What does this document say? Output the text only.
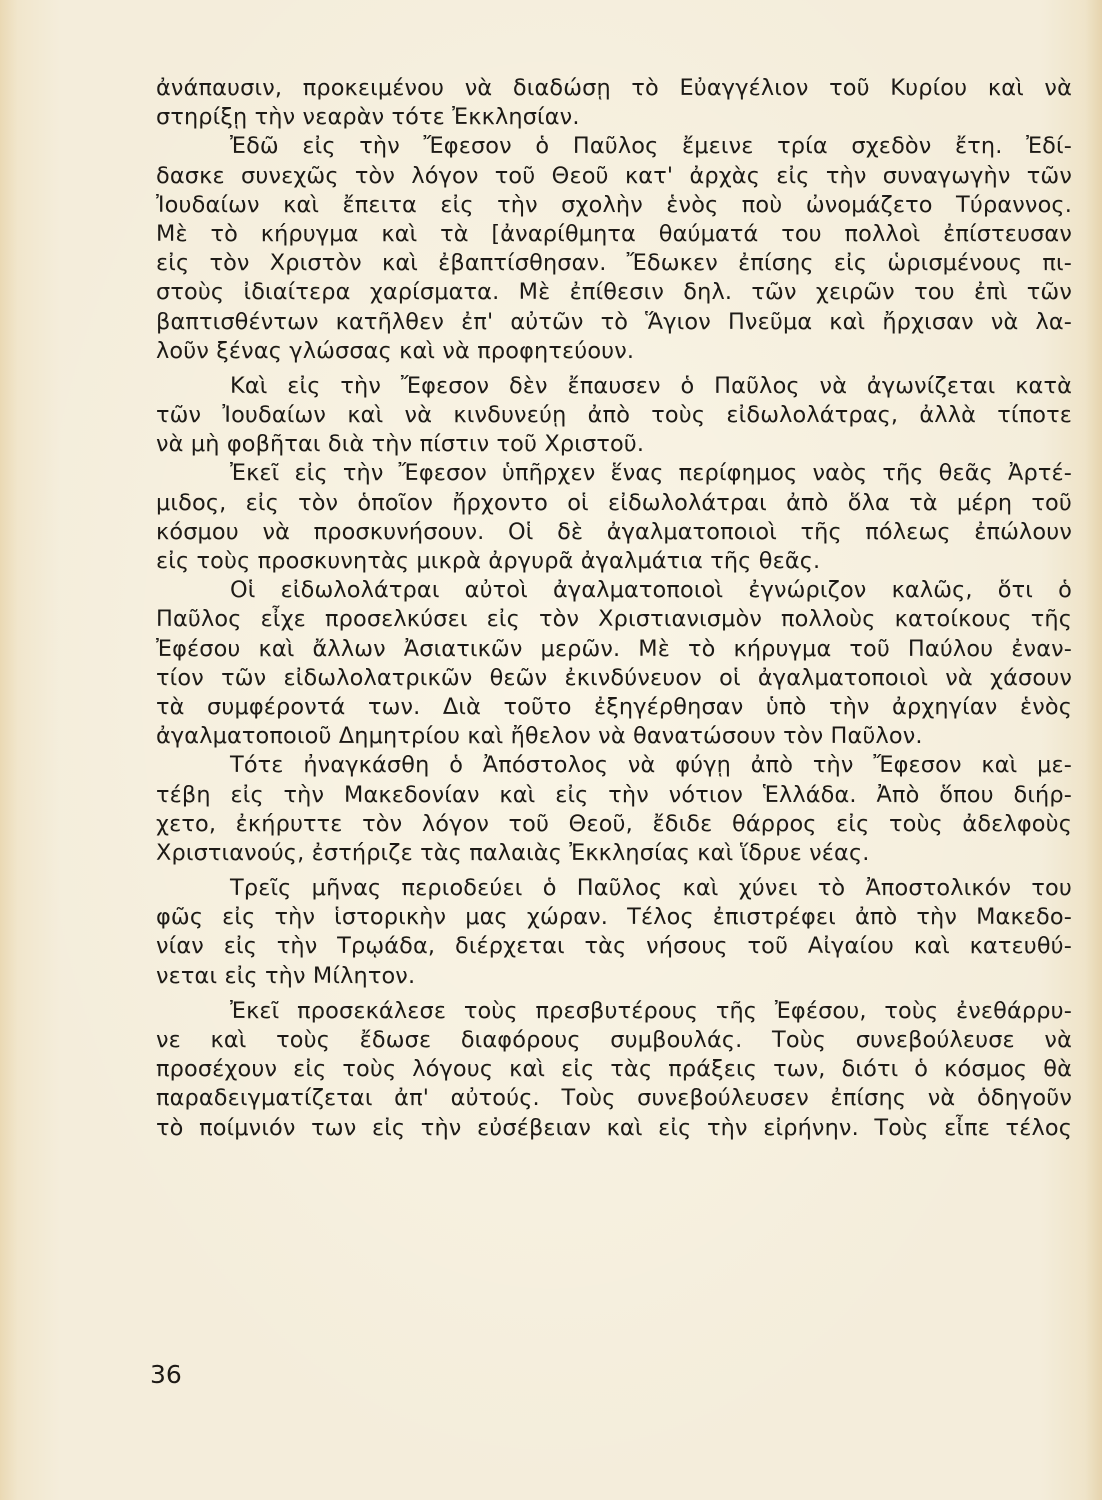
ἀνάπαυσιν, προκειμένου νὰ διαδώσῃ τὸ Εὐαγγέλιον τοῦ Κυρίου καὶ νὰ
στηρίξῃ τὴν νεαρὰν τότε Ἐκκλησίαν.
Ἐδῶ εἰς τὴν Ἔφεσον ὁ Παῦλος ἔμεινε τρία σχεδὸν ἔτη. Ἐδί-
δασκε συνεχῶς τὸν λόγον τοῦ Θεοῦ κατ' ἀρχὰς εἰς τὴν συναγωγὴν τῶν
Ἰουδαίων καὶ ἔπειτα εἰς τὴν σχολὴν ἑνὸς ποὺ ὠνομάζετο Τύραννος.
Μὲ τὸ κήρυγμα καὶ τὰ [ἀναρίθμητα θαύματά του πολλοὶ ἐπίστευσαν
εἰς τὸν Χριστὸν καὶ ἐβαπτίσθησαν. Ἔδωκεν ἐπίσης εἰς ὡρισμένους πι-
στοὺς ἰδιαίτερα χαρίσματα. Μὲ ἐπίθεσιν δηλ. τῶν χειρῶν του ἐπὶ τῶν
βαπτισθέντων κατῆλθεν ἐπ' αὐτῶν τὸ Ἅγιον Πνεῦμα καὶ ἤρχισαν νὰ λα-
λοῦν ξένας γλώσσας καὶ νὰ προφητεύουν.
Καὶ εἰς τὴν Ἔφεσον δὲν ἔπαυσεν ὁ Παῦλος νὰ ἀγωνίζεται κατὰ
τῶν Ἰουδαίων καὶ νὰ κινδυνεύῃ ἀπὸ τοὺς εἰδωλολάτρας, ἀλλὰ τίποτε
νὰ μὴ φοβῆται διὰ τὴν πίστιν τοῦ Χριστοῦ.
Ἐκεῖ εἰς τὴν Ἔφεσον ὑπῆρχεν ἕνας περίφημος ναὸς τῆς θεᾶς Ἀρτέ-
μιδος, εἰς τὸν ὁποῖον ἤρχοντο οἱ εἰδωλολάτραι ἀπὸ ὅλα τὰ μέρη τοῦ
κόσμου νὰ προσκυνήσουν. Οἱ δὲ ἀγαλματοποιοὶ τῆς πόλεως ἐπώλουν
εἰς τοὺς προσκυνητὰς μικρὰ ἀργυρᾶ ἀγαλμάτια τῆς θεᾶς.
Οἱ εἰδωλολάτραι αὐτοὶ ἀγαλματοποιοὶ ἐγνώριζον καλῶς, ὅτι ὁ
Παῦλος εἶχε προσελκύσει εἰς τὸν Χριστιανισμὸν πολλοὺς κατοίκους τῆς
Ἐφέσου καὶ ἄλλων Ἀσιατικῶν μερῶν. Μὲ τὸ κήρυγμα τοῦ Παύλου ἐναν-
τίον τῶν εἰδωλολατρικῶν θεῶν ἐκινδύνευον οἱ ἀγαλματοποιοὶ νὰ χάσουν
τὰ συμφέροντά των. Διὰ τοῦτο ἐξηγέρθησαν ὑπὸ τὴν ἀρχηγίαν ἑνὸς
ἀγαλματοποιοῦ Δημητρίου καὶ ἤθελον νὰ θανατώσουν τὸν Παῦλον.
Τότε ἠναγκάσθη ὁ Ἀπόστολος νὰ φύγῃ ἀπὸ τὴν Ἔφεσον καὶ με-
τέβη εἰς τὴν Μακεδονίαν καὶ εἰς τὴν νότιον Ἑλλάδα. Ἀπὸ ὅπου διήρ-
χετο, ἐκήρυττε τὸν λόγον τοῦ Θεοῦ, ἔδιδε θάρρος εἰς τοὺς ἀδελφοὺς
Χριστιανούς, ἐστήριζε τὰς παλαιὰς Ἐκκλησίας καὶ ἵδρυε νέας.
Τρεῖς μῆνας περιοδεύει ὁ Παῦλος καὶ χύνει τὸ Ἀποστολικόν του
φῶς εἰς τὴν ἱστορικὴν μας χώραν. Τέλος ἐπιστρέφει ἀπὸ τὴν Μακεδο-
νίαν εἰς τὴν Τρῳάδα, διέρχεται τὰς νήσους τοῦ Αἰγαίου καὶ κατευθύ-
νεται εἰς τὴν Μίλητον.
Ἐκεῖ προσεκάλεσε τοὺς πρεσβυτέρους τῆς Ἐφέσου, τοὺς ἐνεθάρρυ-
νε καὶ τοὺς ἔδωσε διαφόρους συμβουλάς. Τοὺς συνεβούλευσε νὰ
προσέχουν εἰς τοὺς λόγους καὶ εἰς τὰς πράξεις των, διότι ὁ κόσμος θὰ
παραδειγματίζεται ἀπ' αὐτούς. Τοὺς συνεβούλευσεν ἐπίσης νὰ ὁδηγοῦν
τὸ ποίμνιόν των εἰς τὴν εὐσέβειαν καὶ εἰς τὴν εἰρήνην. Τοὺς εἶπε τέλος
36
